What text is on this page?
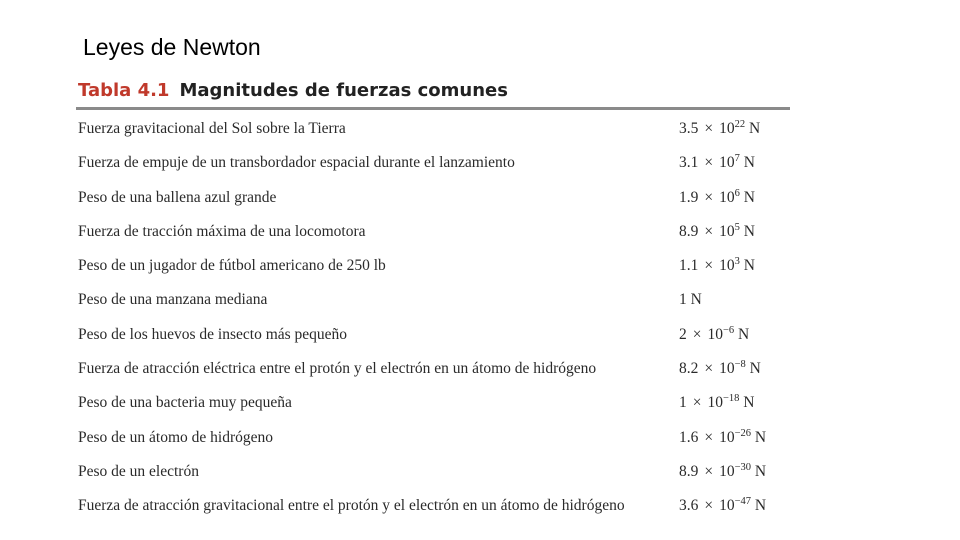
Leyes de Newton
Tabla 4.1 Magnitudes de fuerzas comunes
Fuerza gravitacional del Sol sobre la Tierra	$3.5 \times 10^{22}$ N
Fuerza de empuje de un transbordador espacial durante el lanzamiento	$3.1 \times 10^7$ N
Peso de una ballena azul grande	$1.9 \times 10^6$ N
Fuerza de tracción máxima de una locomotora	$8.9 \times 10^5$ N
Peso de un jugador de fútbol americano de 250 lb	$1.1 \times 10^3$ N
Peso de una manzana mediana	1 N
Peso de los huevos de insecto más pequeño	$2 \times 10^{-6}$ N
Fuerza de atracción eléctrica entre el protón y el electrón en un átomo de hidrógeno	$8.2 \times 10^{-8}$ N
Peso de una bacteria muy pequeña	$1 \times 10^{-18}$ N
Peso de un átomo de hidrógeno	$1.6 \times 10^{-26}$ N
Peso de un electrón	$8.9 \times 10^{-30}$ N
Fuerza de atracción gravitacional entre el protón y el electrón en un átomo de hidrógeno	$3.6 \times 10^{-47}$ N
